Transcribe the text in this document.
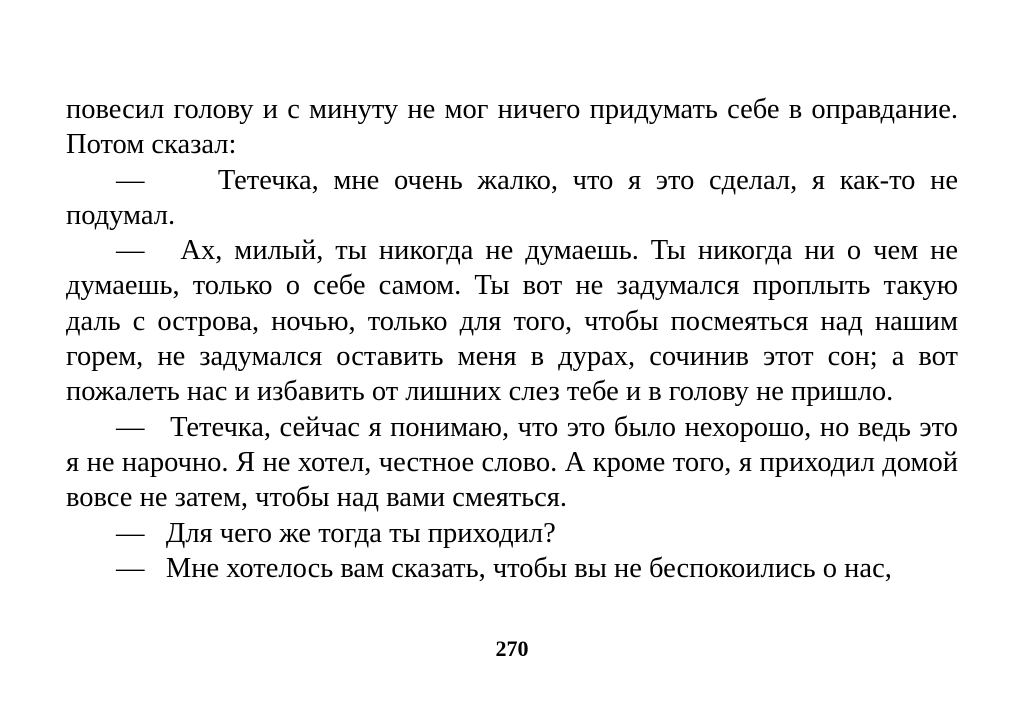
повесил голову и с минуту не мог ничего придумать себе в оправдание. Потом сказал:

—     Тетечка, мне очень жалко, что я это сделал, я как-то не подумал.

—   Ах, милый, ты никогда не думаешь. Ты никогда ни о чем не думаешь, только о себе самом. Ты вот не задумался проплыть такую даль с острова, ночью, только для того, чтобы посмеяться над нашим горем, не задумался оставить меня в дурах, сочинив этот сон; а вот пожалеть нас и избавить от лишних слез тебе и в голову не пришло.

—   Тетечка, сейчас я понимаю, что это было нехорошо, но ведь это я не нарочно. Я не хотел, честное слово. А кроме того, я приходил домой вовсе не затем, чтобы над вами смеяться.

—   Для чего же тогда ты приходил?

—   Мне хотелось вам сказать, чтобы вы не беспокоились о нас,

270
